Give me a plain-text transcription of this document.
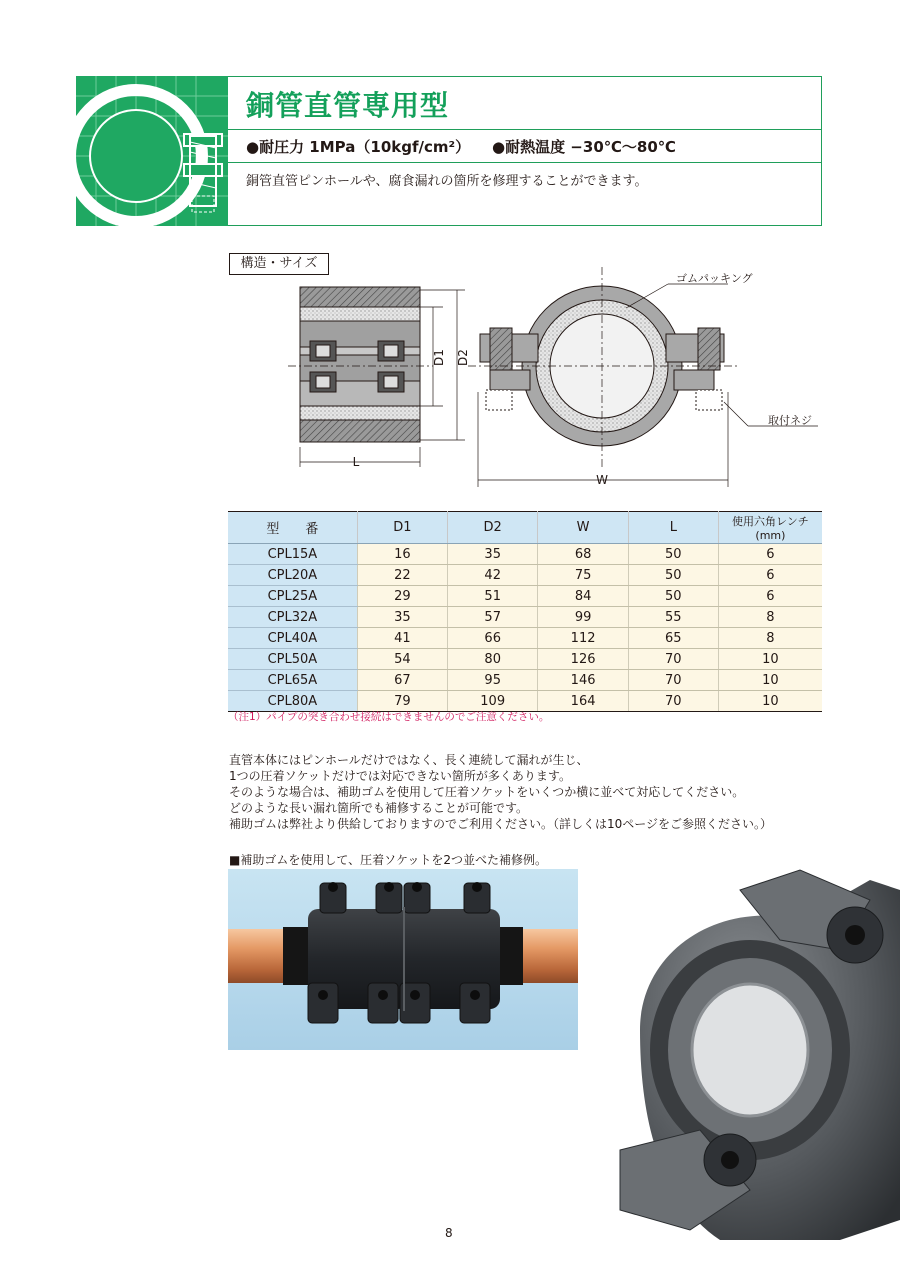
銅管直管専用型
●耐圧力 1MPa（10kgf/cm²） ●耐熱温度 −30℃〜80℃
銅管直管ピンホールや、腐食漏れの箇所を修理することができます。
構造・サイズ
L
D1 D2
W
ゴムパッキング
取付ネジ
型　　番	D1	D2	W	L	使用六角レンチ(mm)
CPL15A	16	35	68	50	6
CPL20A	22	42	75	50	6
CPL25A	29	51	84	50	6
CPL32A	35	57	99	55	8
CPL40A	41	66	112	65	8
CPL50A	54	80	126	70	10
CPL65A	67	95	146	70	10
CPL80A	79	109	164	70	10
（注1）パイプの突き合わせ接続はできませんのでご注意ください。
直管本体にはピンホールだけではなく、長く連続して漏れが生じ、
1つの圧着ソケットだけでは対応できない箇所が多くあります。
そのような場合は、補助ゴムを使用して圧着ソケットをいくつか横に並べて対応してください。
どのような長い漏れ箇所でも補修することが可能です。
補助ゴムは弊社より供給しておりますのでご利用ください。（詳しくは10ページをご参照ください。）
■補助ゴムを使用して、圧着ソケットを2つ並べた補修例。
8
